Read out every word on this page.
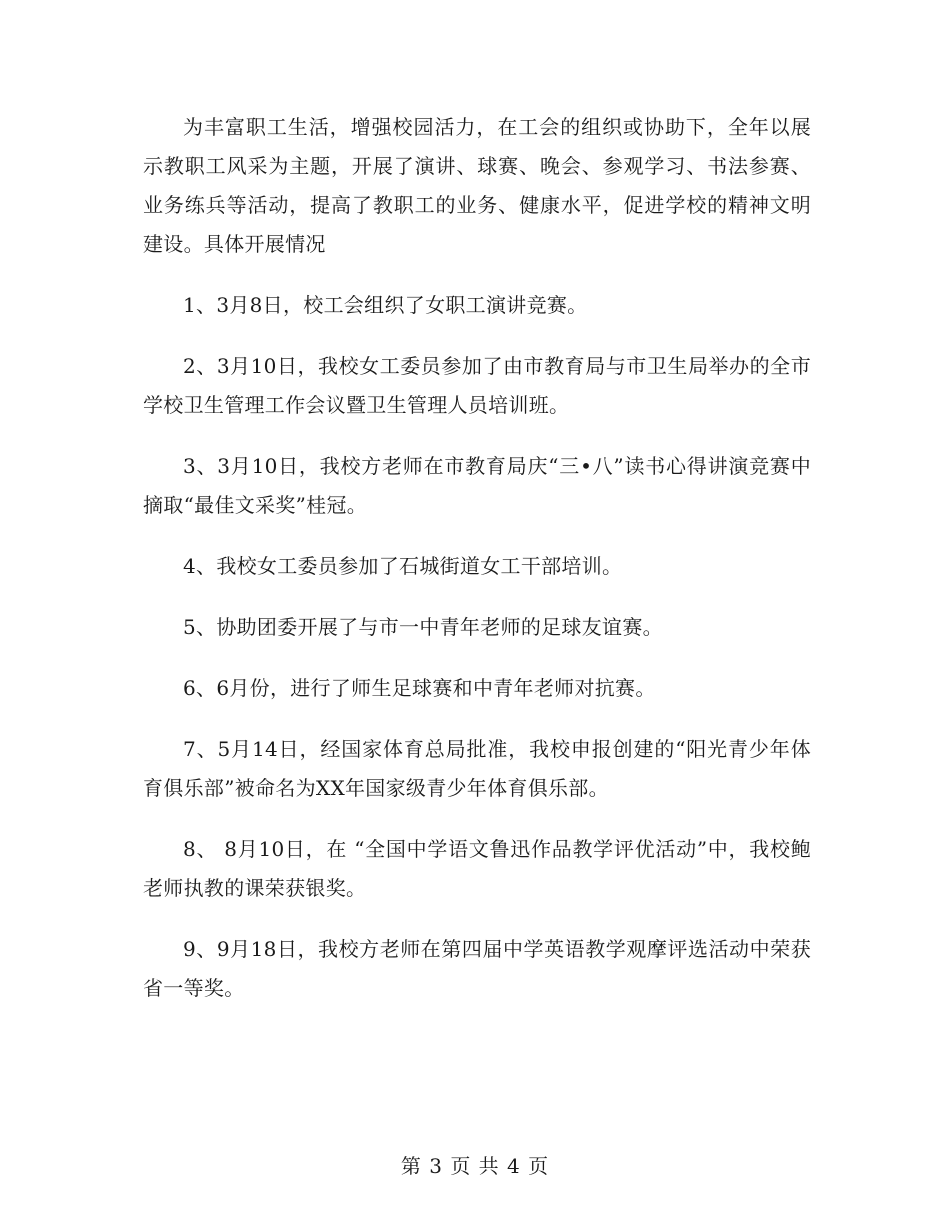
为丰富职工生活，增强校园活力，在工会的组织或协助下，全年以展示教职工风采为主题，开展了演讲、球赛、晚会、参观学习、书法参赛、业务练兵等活动，提高了教职工的业务、健康水平，促进学校的精神文明建设。具体开展情况

1、3月8日，校工会组织了女职工演讲竞赛。

2、3月10日，我校女工委员参加了由市教育局与市卫生局举办的全市学校卫生管理工作会议暨卫生管理人员培训班。

3、3月10日，我校方老师在市教育局庆“三•八”读书心得讲演竞赛中摘取“最佳文采奖”桂冠。

4、我校女工委员参加了石城街道女工干部培训。

5、协助团委开展了与市一中青年老师的足球友谊赛。

6、6月份，进行了师生足球赛和中青年老师对抗赛。

7、5月14日，经国家体育总局批准，我校申报创建的“阳光青少年体育俱乐部”被命名为XX年国家级青少年体育俱乐部。

8、 8月10日，在 “全国中学语文鲁迅作品教学评优活动”中，我校鲍老师执教的课荣获银奖。

9、9月18日，我校方老师在第四届中学英语教学观摩评选活动中荣获省一等奖。

第 3 页 共 4 页
